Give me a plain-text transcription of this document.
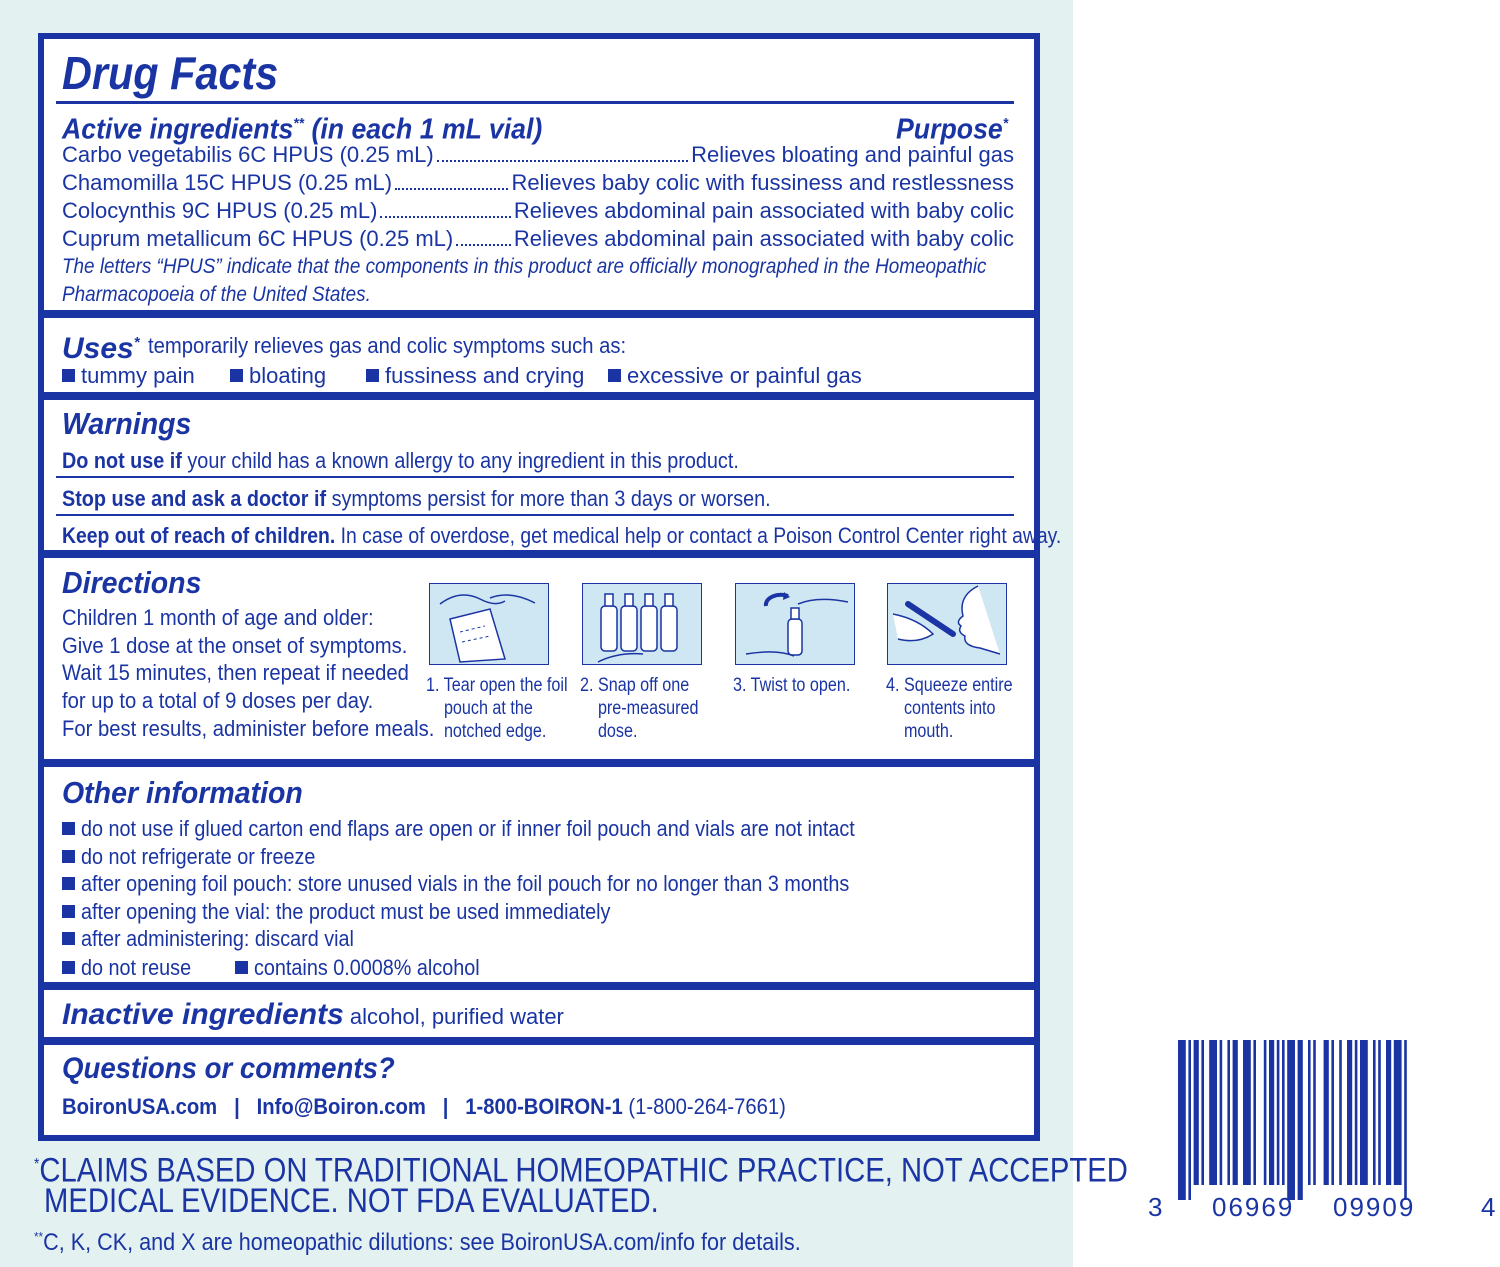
Drug Facts
Active ingredients** (in each 1 mL vial)	Purpose*
Carbo vegetabilis 6C HPUS (0.25 mL)	Relieves bloating and painful gas
Chamomilla 15C HPUS (0.25 mL)	Relieves baby colic with fussiness and restlessness
Colocynthis 9C HPUS (0.25 mL)	Relieves abdominal pain associated with baby colic
Cuprum metallicum 6C HPUS (0.25 mL)	Relieves abdominal pain associated with baby colic
The letters “HPUS” indicate that the components in this product are officially monographed in the Homeopathic
Pharmacopoeia of the United States.
Uses* temporarily relieves gas and colic symptoms such as:
tummy pain	bloating	fussiness and crying	excessive or painful gas
Warnings
Do not use if your child has a known allergy to any ingredient in this product.
Stop use and ask a doctor if symptoms persist for more than 3 days or worsen.
Keep out of reach of children. In case of overdose, get medical help or contact a Poison Control Center right away.
Directions
Children 1 month of age and older:
Give 1 dose at the onset of symptoms.
Wait 15 minutes, then repeat if needed
for up to a total of 9 doses per day.
For best results, administer before meals.
1. Tear open the foil
pouch at the
notched edge.
2. Snap off one
pre-measured
dose.
3. Twist to open.	4. Squeeze entire
contents into
mouth.
Other information
do not use if glued carton end flaps are open or if inner foil pouch and vials are not intact
do not refrigerate or freeze
after opening foil pouch: store unused vials in the foil pouch for no longer than 3 months
after opening the vial: the product must be used immediately
after administering: discard vial
do not reuse	contains 0.0008% alcohol
Inactive ingredients alcohol, purified water
Questions or comments?
BoironUSA.com | Info@Boiron.com | 1-800-BOIRON-1 (1-800-264-7661)
*CLAIMS BASED ON TRADITIONAL HOMEOPATHIC PRACTICE, NOT ACCEPTED
MEDICAL EVIDENCE. NOT FDA EVALUATED.
**C, K, CK, and X are homeopathic dilutions: see BoironUSA.com/info for details.
3 06969 09909	4
